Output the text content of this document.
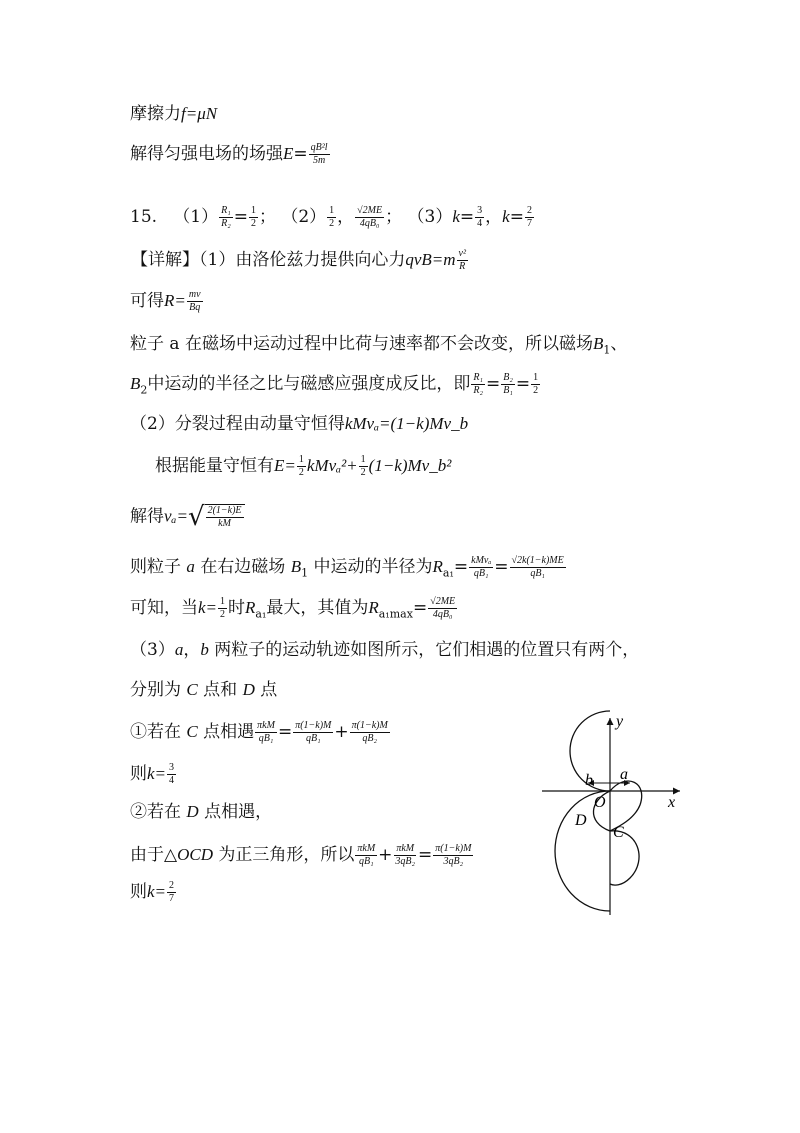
摩擦力f=μN
解得匀强电场的场强$E= \frac{\text{qB²l}}{5m}$
15. $(1) \frac{\text{R₁}}{\text{R₂}} = \frac{1}{2}$ ； $(2) \frac{1}{2}$ ， $\frac{√2ME}{\text{4qB₀}}$ ； $(3)k= \frac{3}{4}$ ，$k= \frac{2}{7}$
【详解】（1）由洛伦兹力提供向心力$qvB=m \frac{\text{v²}}{R}$
可得$R= \frac{mv}{Bq}$
粒子 a 在磁场中运动过程中比荷与速率都不会改变，所以磁场$B_1$、
$B_2$中运动的半径之比与磁感应强度成反比，即 $\frac{\text{R₁}}{\text{R₂}} = \frac{\text{B₂}}{\text{B₁}} = \frac{1}{2}$
（2）分裂过程由动量守恒得kMvₐ=(1−k)Mv_b
根据能量守恒有$E= \frac{1}{2} kMv_a^2+ \frac{1}{2}$ (1−k)Mv_b²
解得$v_a=√ \frac{2(1-k)E}{kM}$
则粒子 a 在右边磁场 $B_1$ 中运动的半径为$R_{a_1}= \frac{\text{kMvₐ}}{\text{qB₁}} = \frac{√2k(1-k)ME}{\text{qB₁}}$
可知，当$k= \frac{1}{2}$ 时$R_{a_1}$最大，其值为$R_{a_1max}= \frac{√2ME}{\text{4qB₀}}$
（3）a，b 两粒子的运动轨迹如图所示，它们相遇的位置只有两个，
分别为 C 点和 D 点
①若在 C 点相遇 $\frac{\text{πkM}}{\text{qB₁}} = \frac{\pi(1-k)M}{\text{qB₁}} + \frac{\pi(1-k)M}{\text{qB₂}}$
则$k= \frac{3}{4}$
②若在 D 点相遇，
由于△OCD 为正三角形，所以 $\frac{\text{πkM}}{\text{qB₁}} + \frac{\text{πkM}}{\text{3qB₂}} = \frac{\pi(1-k)M}{\text{3qB₂}}$
则$k= \frac{2}{7}$
y
x
O
a
b
C
D
